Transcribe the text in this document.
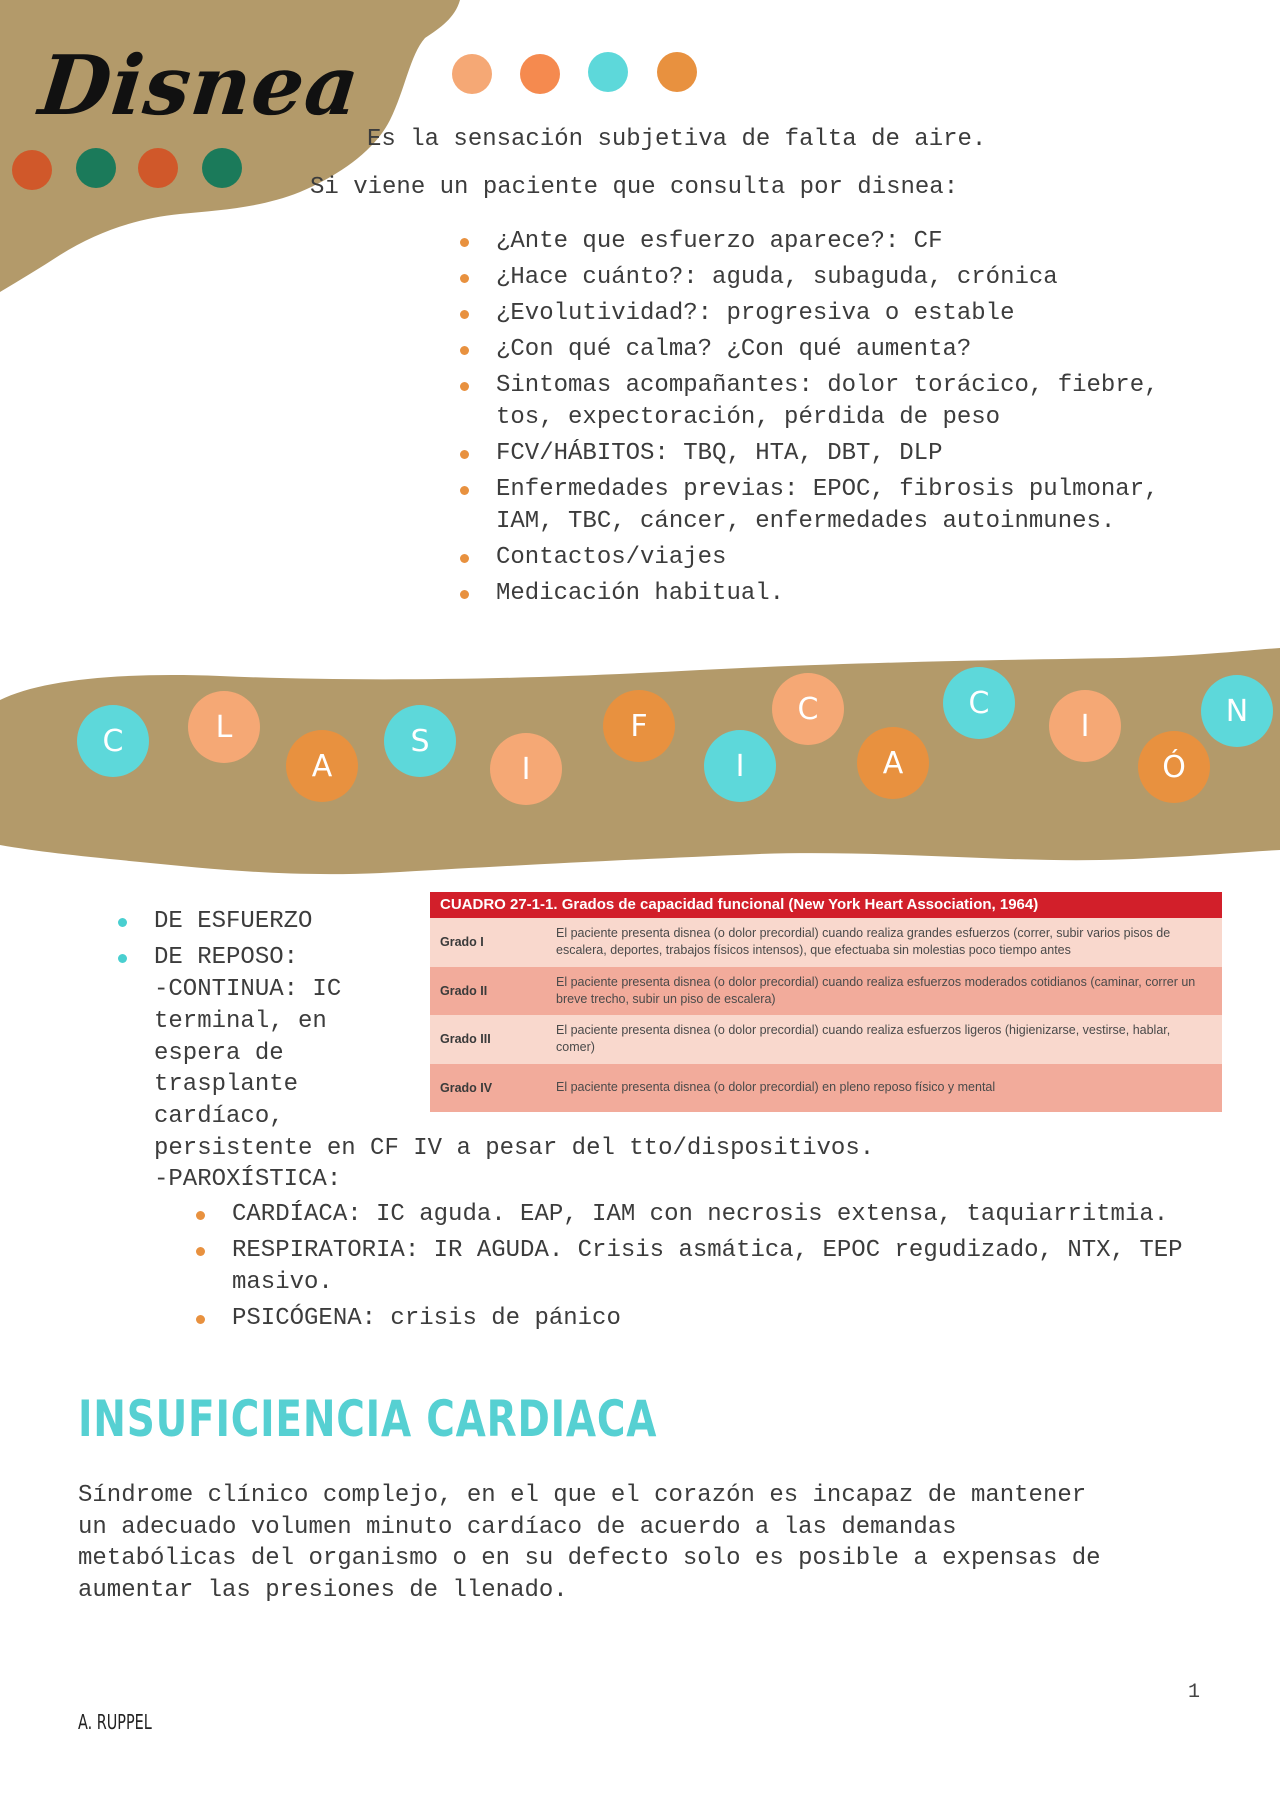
Disnea
Es la sensación subjetiva de falta de aire.
Si viene un paciente que consulta por disnea:
¿Ante que esfuerzo aparece?: CF
¿Hace cuánto?: aguda, subaguda, crónica
¿Evolutividad?: progresiva o estable
¿Con qué calma? ¿Con qué aumenta?
Sintomas acompañantes: dolor torácico, fiebre, tos, expectoración, pérdida de peso
FCV/HÁBITOS: TBQ, HTA, DBT, DLP
Enfermedades previas: EPOC, fibrosis pulmonar, IAM, TBC, cáncer, enfermedades autoinmunes.
Contactos/viajes
Medicación habitual.
C	L
A
S
I
F
I
C
A
C
I
Ó
N
DE ESFUERZO
DE REPOSO:
-CONTINUA: IC
terminal, en
espera de
trasplante
cardíaco,
persistente en CF IV a pesar del tto/dispositivos.
-PAROXÍSTICA:
CARDÍACA: IC aguda. EAP, IAM con necrosis extensa, taquiarritmia.
RESPIRATORIA: IR AGUDA. Crisis asmática, EPOC regudizado, NTX, TEP masivo.
PSICÓGENA: crisis de pánico
CUADRO 27-1-1. Grados de capacidad funcional (New York Heart Association, 1964)
Grado I
El paciente presenta disnea (o dolor precordial) cuando realiza grandes esfuerzos (correr, subir varios pisos de escalera, deportes, trabajos físicos intensos), que efectuaba sin molestias poco tiempo antes
Grado II
El paciente presenta disnea (o dolor precordial) cuando realiza esfuerzos moderados cotidianos (caminar, correr un breve trecho, subir un piso de escalera)
Grado III
El paciente presenta disnea (o dolor precordial) cuando realiza esfuerzos ligeros (higienizarse, vestirse, hablar, comer)
Grado IV	El paciente presenta disnea (o dolor precordial) en pleno reposo físico y mental
INSUFICIENCIA CARDIACA
Síndrome clínico complejo, en el que el corazón es incapaz de mantener
un adecuado volumen minuto cardíaco de acuerdo a las demandas
metabólicas del organismo o en su defecto solo es posible a expensas de
aumentar las presiones de llenado.
1
A. RUPPEL
